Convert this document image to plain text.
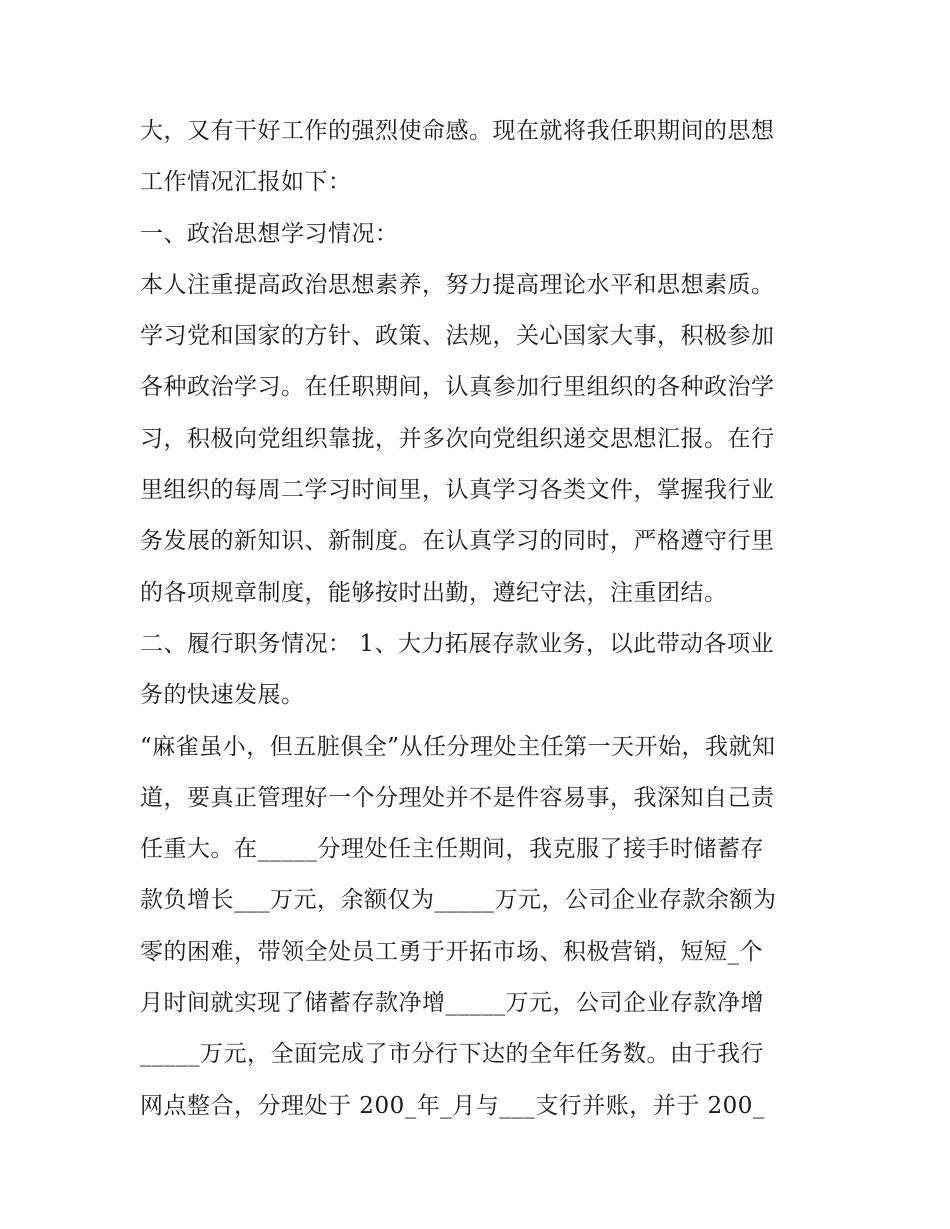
大，又有干好工作的强烈使命感。现在就将我任职期间的思想
工作情况汇报如下：
一、政治思想学习情况：
本人注重提高政治思想素养，努力提高理论水平和思想素质。
学习党和国家的方针、政策、法规，关心国家大事，积极参加
各种政治学习。在任职期间，认真参加行里组织的各种政治学
习，积极向党组织靠拢，并多次向党组织递交思想汇报。在行
里组织的每周二学习时间里，认真学习各类文件，掌握我行业
务发展的新知识、新制度。在认真学习的同时，严格遵守行里
的各项规章制度，能够按时出勤，遵纪守法，注重团结。
二、履行职务情况： 1、大力拓展存款业务，以此带动各项业
务的快速发展。
“麻雀虽小，但五脏俱全”从任分理处主任第一天开始，我就知
道，要真正管理好一个分理处并不是件容易事，我深知自己责
任重大。在_____分理处任主任期间，我克服了接手时储蓄存
款负增长___万元，余额仅为_____万元，公司企业存款余额为
零的困难，带领全处员工勇于开拓市场、积极营销，短短_个
月时间就实现了储蓄存款净增_____万元，公司企业存款净增
_____万元，全面完成了市分行下达的全年任务数。由于我行
网点整合，分理处于 200_年_月与___支行并账，并于 200_
